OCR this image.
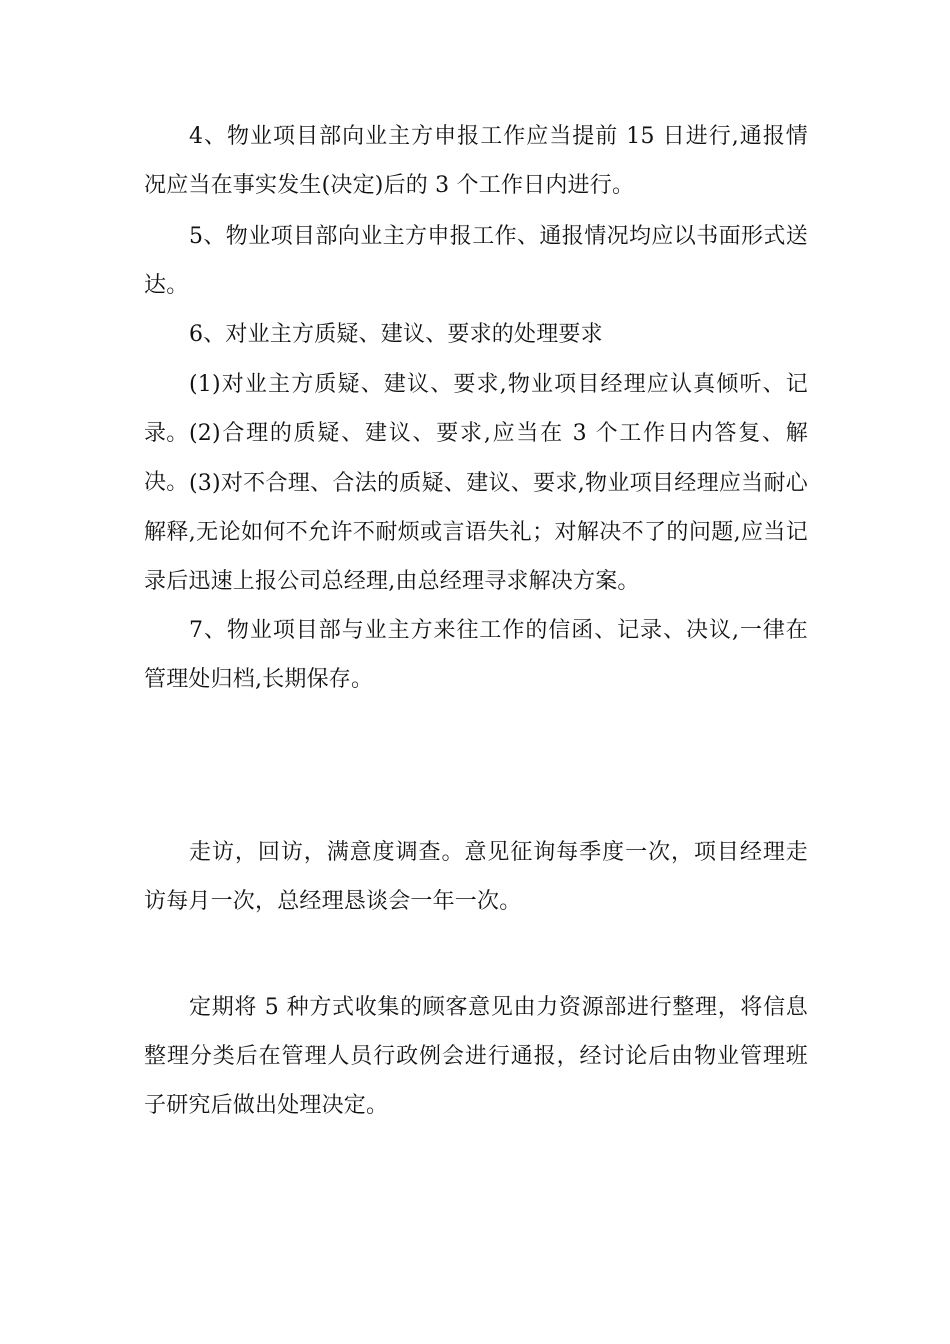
4、物业项目部向业主方申报工作应当提前 15 日进行,通报情况应当在事实发生(决定)后的 3 个工作日内进行。

5、物业项目部向业主方申报工作、通报情况均应以书面形式送达。

6、对业主方质疑、建议、要求的处理要求

(1)对业主方质疑、建议、要求,物业项目经理应认真倾听、记录。 (2)合理的质疑、建议、要求,应当在 3 个工作日内答复、解决。 (3)对不合理、合法的质疑、建议、要求,物业项目经理应当耐心解释,无论如何不允许不耐烦或言语失礼；对解决不了的问题,应当记录后迅速上报公司总经理,由总经理寻求解决方案。

7、物业项目部与业主方来往工作的信函、记录、决议,一律在管理处归档,长期保存。

走访，回访，满意度调查。意见征询每季度一次，项目经理走访每月一次，总经理恳谈会一年一次。

定期将 5 种方式收集的顾客意见由力资源部进行整理，将信息整理分类后在管理人员行政例会进行通报，经讨论后由物业管理班子研究后做出处理决定。
